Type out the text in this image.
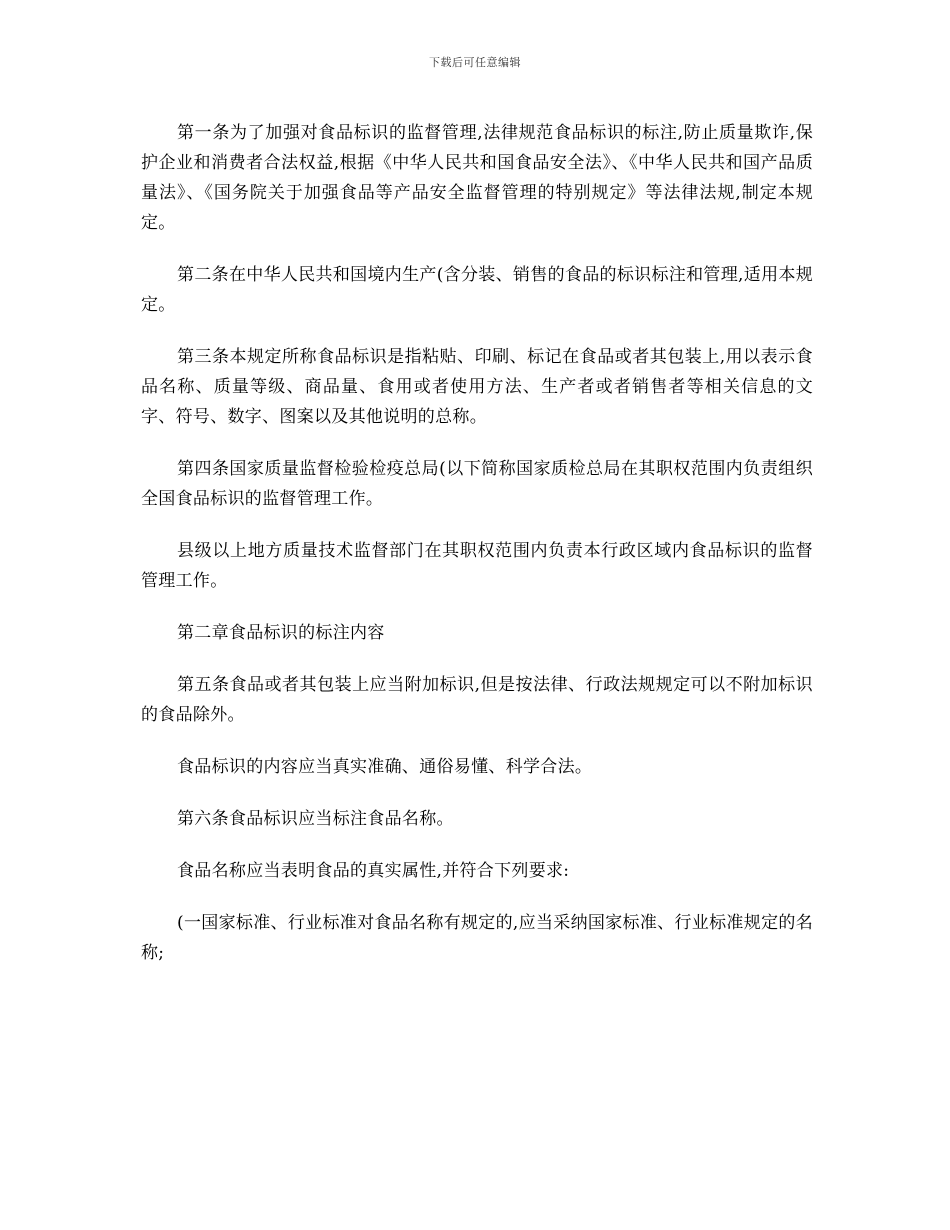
下载后可任意编辑

第一条为了加强对食品标识的监督管理,法律规范食品标识的标注,防止质量欺诈,保护企业和消费者合法权益,根据《中华人民共和国食品安全法》、《中华人民共和国产品质量法》、《国务院关于加强食品等产品安全监督管理的特别规定》等法律法规,制定本规定。

第二条在中华人民共和国境内生产(含分装、销售的食品的标识标注和管理,适用本规定。

第三条本规定所称食品标识是指粘贴、印刷、标记在食品或者其包装上,用以表示食品名称、质量等级、商品量、食用或者使用方法、生产者或者销售者等相关信息的文字、符号、数字、图案以及其他说明的总称。

第四条国家质量监督检验检疫总局(以下简称国家质检总局在其职权范围内负责组织全国食品标识的监督管理工作。

县级以上地方质量技术监督部门在其职权范围内负责本行政区域内食品标识的监督管理工作。

第二章食品标识的标注内容

第五条食品或者其包装上应当附加标识,但是按法律、行政法规规定可以不附加标识的食品除外。

食品标识的内容应当真实准确、通俗易懂、科学合法。

第六条食品标识应当标注食品名称。

食品名称应当表明食品的真实属性,并符合下列要求:

(一国家标准、行业标准对食品名称有规定的,应当采纳国家标准、行业标准规定的名称;
